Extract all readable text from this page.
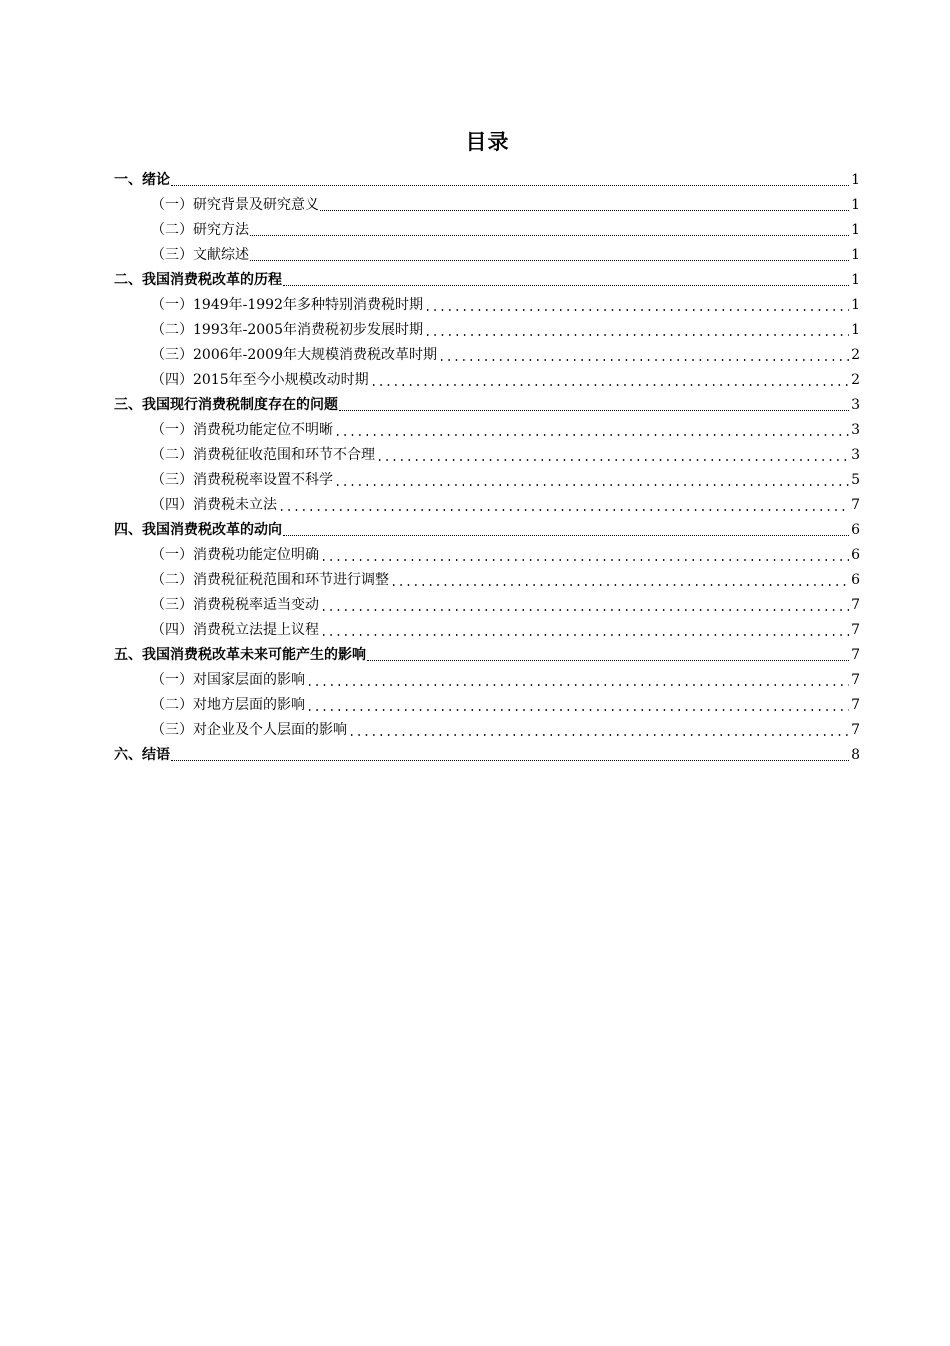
目录
一、绪论	1
（一）研究背景及研究意义	1
（二）研究方法	1
（三）文献综述	1
二、我国消费税改革的历程	1
（一）1949年-1992年多种特别消费税时期	1
（二）1993年-2005年消费税初步发展时期	1
（三）2006年-2009年大规模消费税改革时期	2
（四）2015年至今小规模改动时期	2
三、我国现行消费税制度存在的问题	3
（一）消费税功能定位不明晰	3
（二）消费税征收范围和环节不合理	3
（三）消费税税率设置不科学	5
（四）消费税未立法	7
四、我国消费税改革的动向	6
（一）消费税功能定位明确	6
（二）消费税征税范围和环节进行调整	6
（三）消费税税率适当变动	7
（四）消费税立法提上议程	7
五、我国消费税改革未来可能产生的影响	7
（一）对国家层面的影响	7
（二）对地方层面的影响	7
（三）对企业及个人层面的影响	7
六、结语	8
